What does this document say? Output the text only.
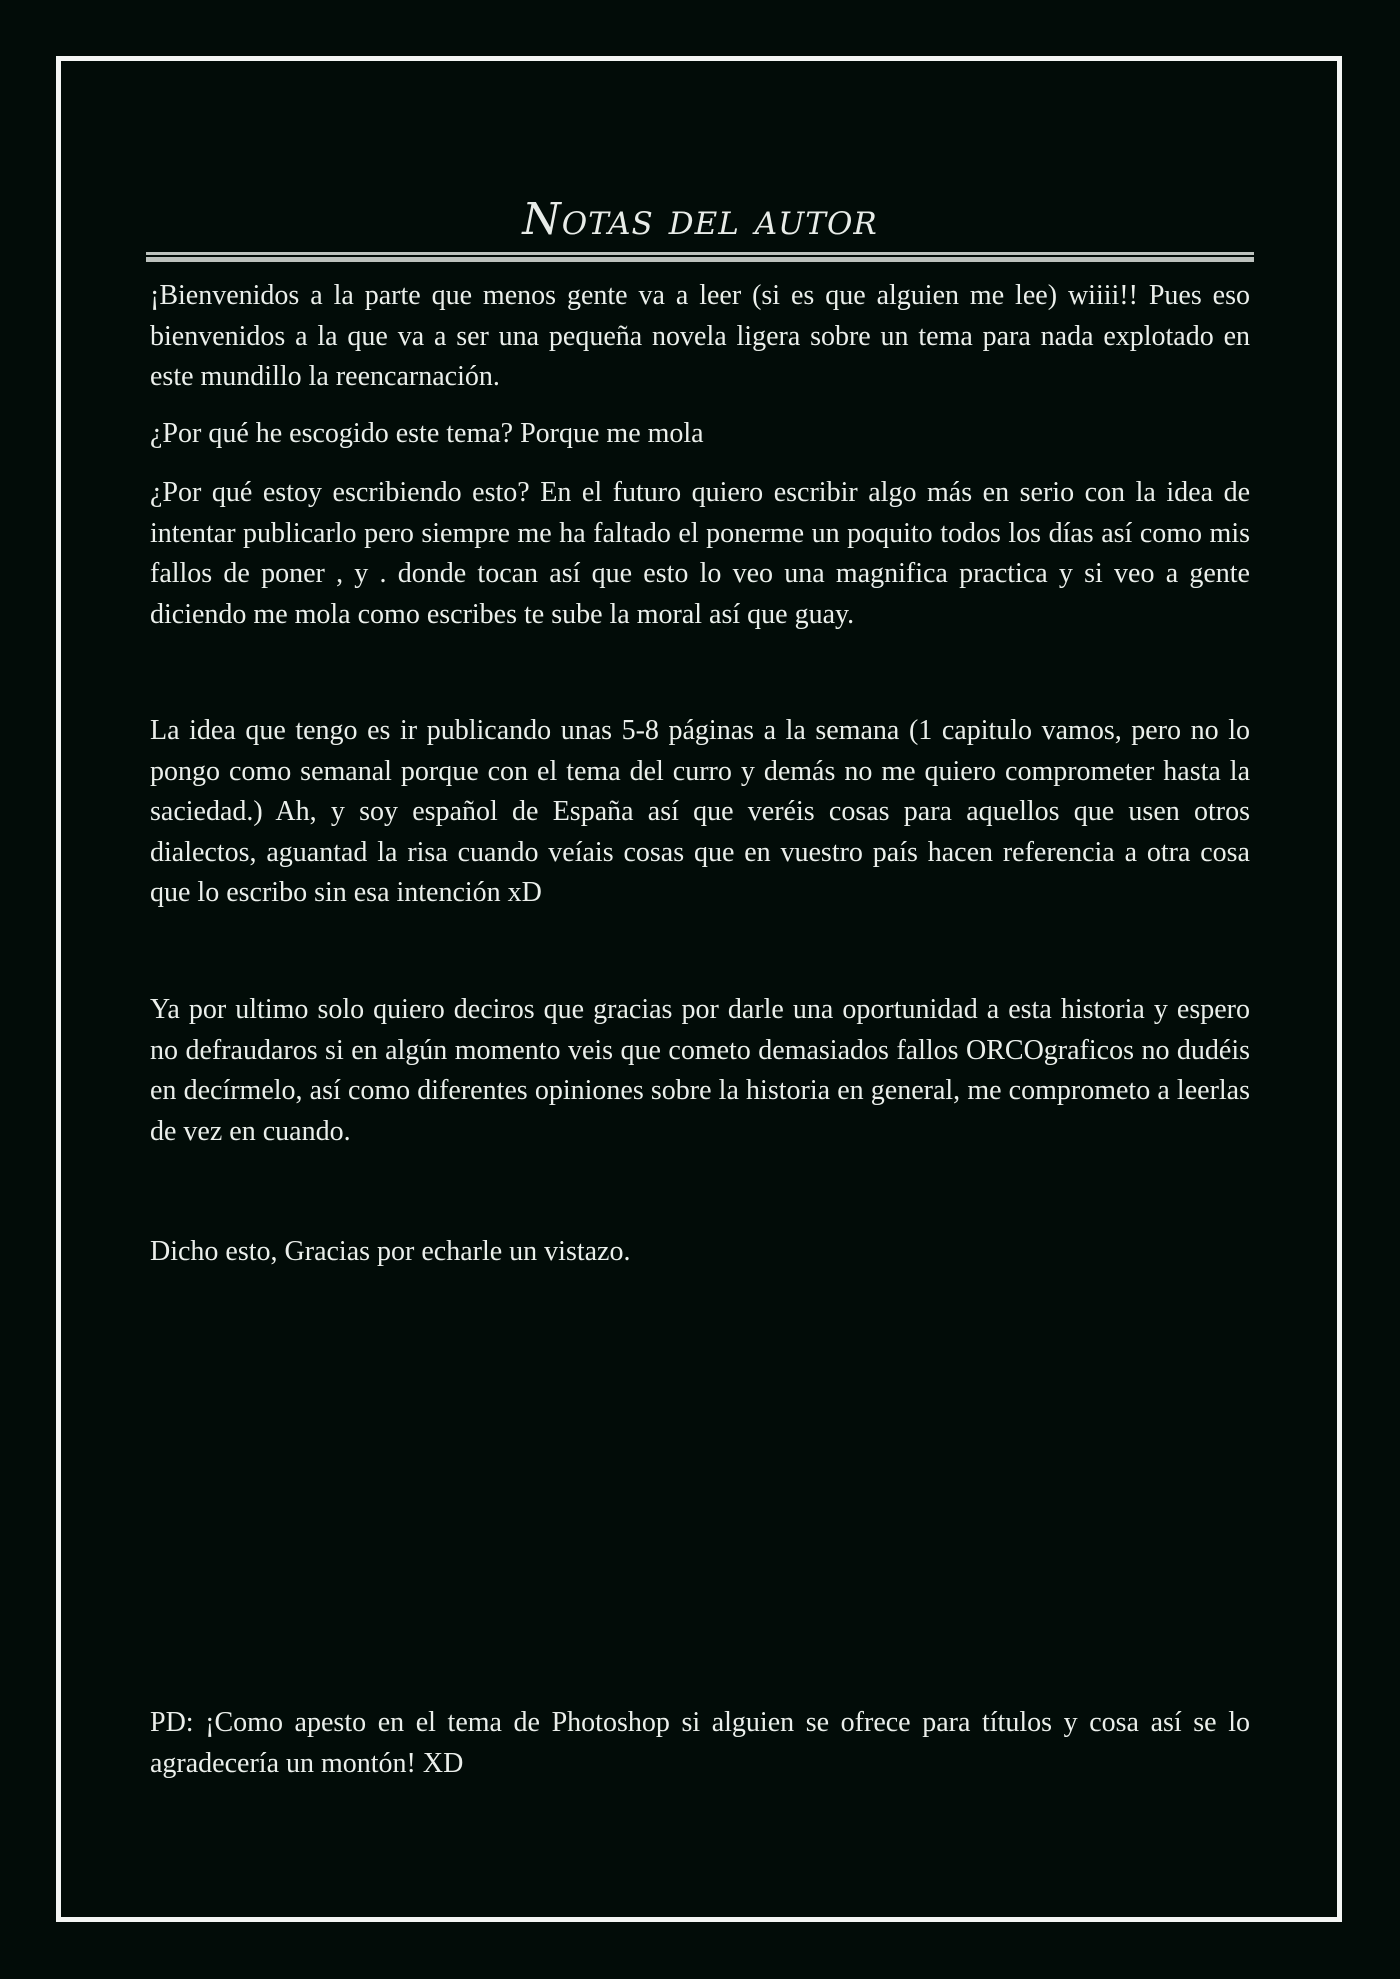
Notas del autor

¡Bienvenidos a la parte que menos gente va a leer (si es que alguien me lee) wiiii!! Pues eso bienvenidos a la que va a ser una pequeña novela ligera sobre un tema para nada explotado en este mundillo la reencarnación.

¿Por qué he escogido este tema? Porque me mola

¿Por qué estoy escribiendo esto? En el futuro quiero escribir algo más en serio con la idea de intentar publicarlo pero siempre me ha faltado el ponerme un poquito todos los días así como mis fallos de poner , y . donde tocan así que esto lo veo una magnifica practica y si veo a gente diciendo me mola como escribes te sube la moral así que guay.

La idea que tengo es ir publicando unas 5-8 páginas a la semana (1 capitulo vamos, pero no lo pongo como semanal porque con el tema del curro y demás no me quiero comprometer hasta la saciedad.) Ah, y soy español de España así que veréis cosas para aquellos que usen otros dialectos, aguantad la risa cuando veíais cosas que en vuestro país hacen referencia a otra cosa que lo escribo sin esa intención xD

Ya por ultimo solo quiero deciros que gracias por darle una oportunidad a esta historia y espero no defraudaros si en algún momento veis que cometo demasiados fallos ORCOgraficos no dudéis en decírmelo, así como diferentes opiniones sobre la historia en general, me comprometo a leerlas de vez en cuando.

Dicho esto, Gracias por echarle un vistazo.

PD: ¡Como apesto en el tema de Photoshop si alguien se ofrece para títulos y cosa así se lo agradecería un montón! XD
